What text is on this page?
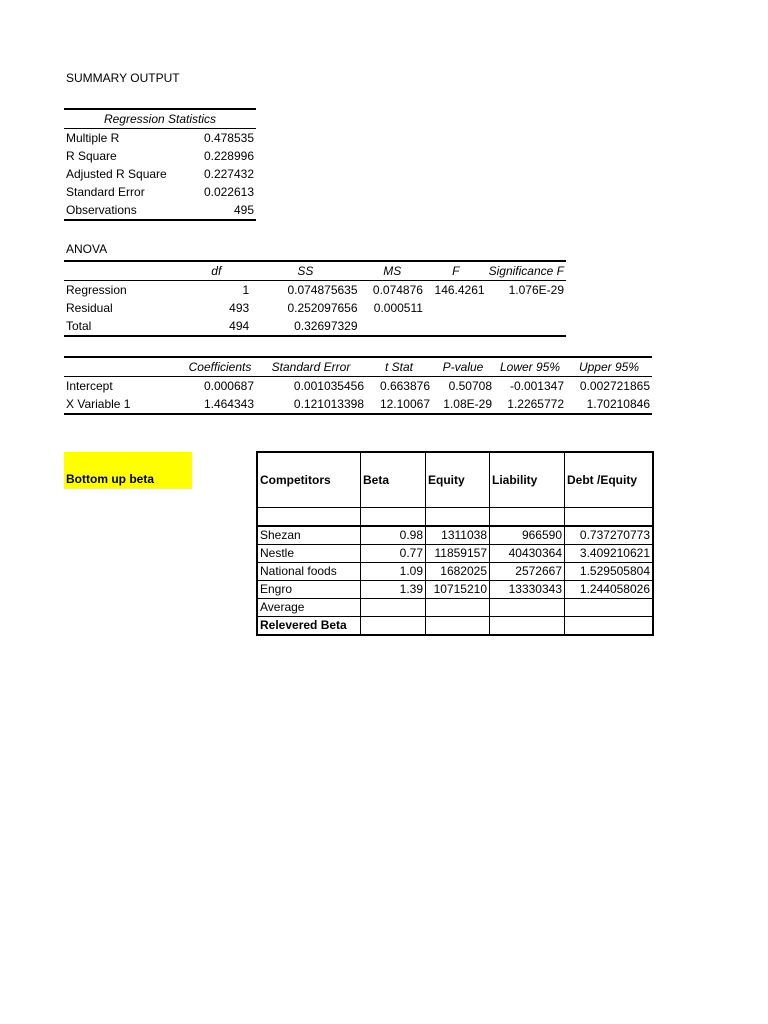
SUMMARY OUTPUT
Regression Statistics	
Multiple R	0.478535
R Square	0.228996
Adjusted R Square	0.227432
Standard Error	0.022613
Observations	495
ANOVA
	df	SS	MS	F	Significance F
Regression	1	0.074875635	0.074876	146.4261	1.076E-29
Residual	493	0.252097656	0.000511		
Total	494	0.32697329			
	Coefficients	Standard Error	t Stat	P-value	Lower 95%	Upper 95%
Intercept	0.000687	0.001035456	0.663876	0.50708	-0.001347	0.002721865
X Variable 1	1.464343	0.121013398	12.10067	1.08E-29	1.2265772	1.70210846
Bottom up beta	Competitors	Beta	Equity	Liability	Debt /Equity

Shezan	0.98	1311038	966590	0.737270773
Nestle	0.77	11859157	40430364	3.409210621
National foods	1.09	1682025	2572667	1.529505804
Engro	1.39	10715210	13330343	1.244058026
Average				
Relevered Beta				
